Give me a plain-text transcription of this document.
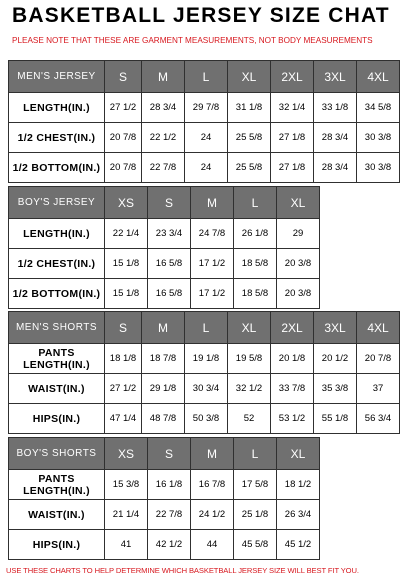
BASKETBALL JERSEY SIZE CHAT
PLEASE NOTE THAT THESE ARE GARMENT MEASUREMENTS, NOT BODY MEASUREMENTS
MEN'S JERSEY	S	M	L	XL	2XL	3XL	4XL
LENGTH(IN.)	27 1/2	28 3/4	29 7/8	31 1/8	32 1/4	33 1/8	34 5/8
1/2 CHEST(IN.)	20 7/8	22 1/2	24	25 5/8	27 1/8	28 3/4	30 3/8
1/2 BOTTOM(IN.)	20 7/8	22 7/8	24	25 5/8	27 1/8	28 3/4	30 3/8
BOY'S JERSEY	XS	S	M	L	XL
LENGTH(IN.)	22 1/4	23 3/4	24 7/8	26 1/8	29
1/2 CHEST(IN.)	15 1/8	16 5/8	17 1/2	18 5/8	20 3/8
1/2 BOTTOM(IN.)	15 1/8	16 5/8	17 1/2	18 5/8	20 3/8
MEN'S SHORTS	S	M	L	XL	2XL	3XL	4XL
PANTS LENGTH(IN.)	18 1/8	18 7/8	19 1/8	19 5/8	20 1/8	20 1/2	20 7/8
WAIST(IN.)	27 1/2	29 1/8	30 3/4	32 1/2	33 7/8	35 3/8	37
HIPS(IN.)	47 1/4	48 7/8	50 3/8	52	53 1/2	55 1/8	56 3/4
BOY'S SHORTS	XS	S	M	L	XL
PANTS LENGTH(IN.)	15 3/8	16 1/8	16 7/8	17 5/8	18 1/2
WAIST(IN.)	21 1/4	22 7/8	24 1/2	25 1/8	26 3/4
HIPS(IN.)	41	42 1/2	44	45 5/8	45 1/2
USE THESE CHARTS TO HELP DETERMINE WHICH BASKETBALL JERSEY SIZE WILL BEST FIT YOU.
